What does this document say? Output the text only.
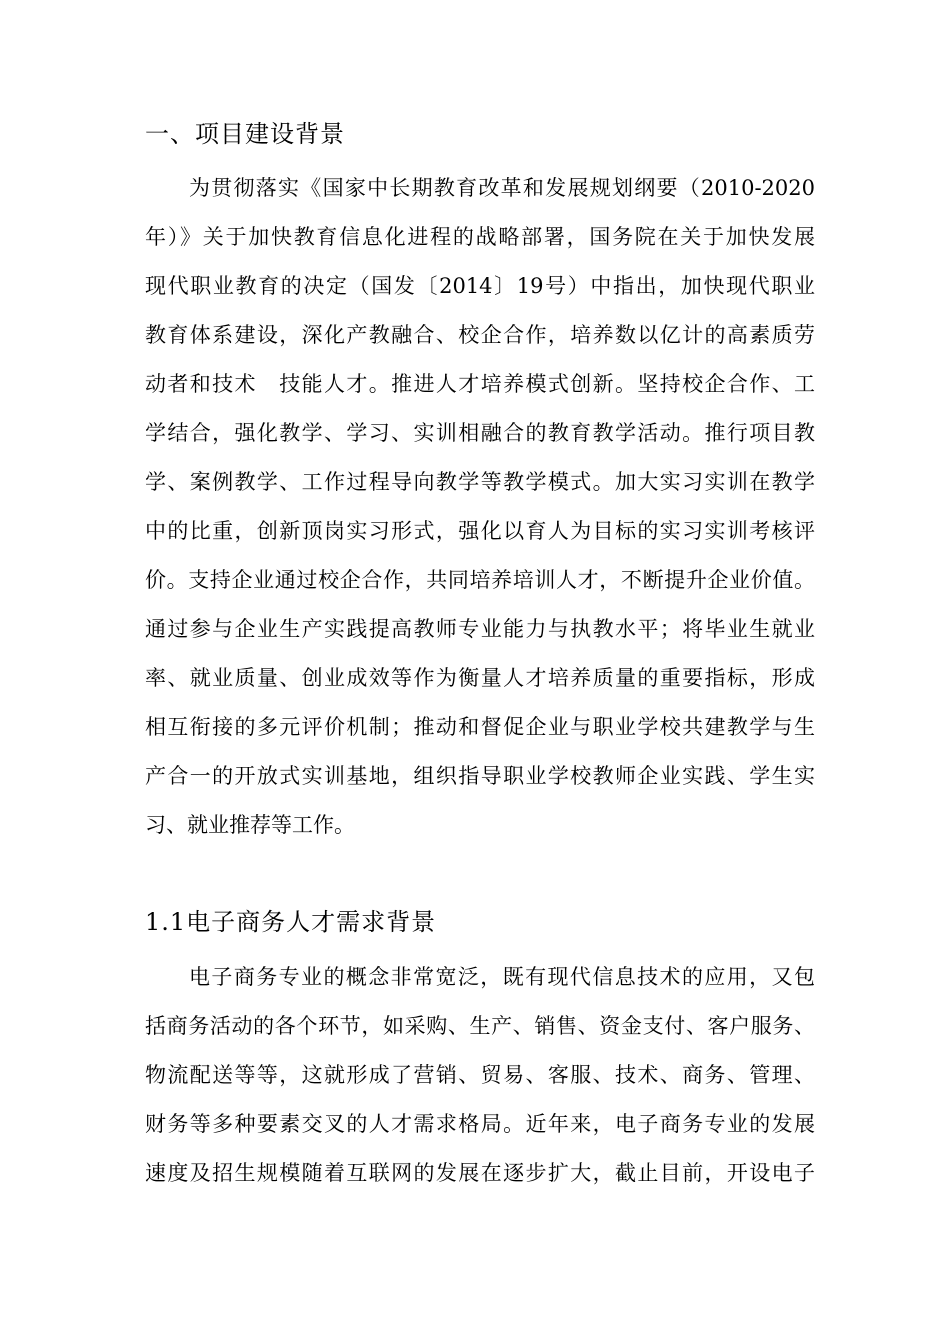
一、项目建设背景
为贯彻落实《国家中长期教育改革和发展规划纲要（2010-2020
年）》关于加快教育信息化进程的战略部署，国务院在关于加快发展
现代职业教育的决定（国发〔2014〕19号）中指出，加快现代职业
教育体系建设，深化产教融合、校企合作，培养数以亿计的高素质劳
动者和技术　技能人才。推进人才培养模式创新。坚持校企合作、工
学结合，强化教学、学习、实训相融合的教育教学活动。推行项目教
学、案例教学、工作过程导向教学等教学模式。加大实习实训在教学
中的比重，创新顶岗实习形式，强化以育人为目标的实习实训考核评
价。支持企业通过校企合作，共同培养培训人才，不断提升企业价值。
通过参与企业生产实践提高教师专业能力与执教水平；将毕业生就业
率、就业质量、创业成效等作为衡量人才培养质量的重要指标，形成
相互衔接的多元评价机制；推动和督促企业与职业学校共建教学与生
产合一的开放式实训基地，组织指导职业学校教师企业实践、学生实
习、就业推荐等工作。
1.1电子商务人才需求背景
电子商务专业的概念非常宽泛，既有现代信息技术的应用，又包
括商务活动的各个环节，如采购、生产、销售、资金支付、客户服务、
物流配送等等，这就形成了营销、贸易、客服、技术、商务、管理、
财务等多种要素交叉的人才需求格局。近年来，电子商务专业的发展
速度及招生规模随着互联网的发展在逐步扩大，截止目前，开设电子
